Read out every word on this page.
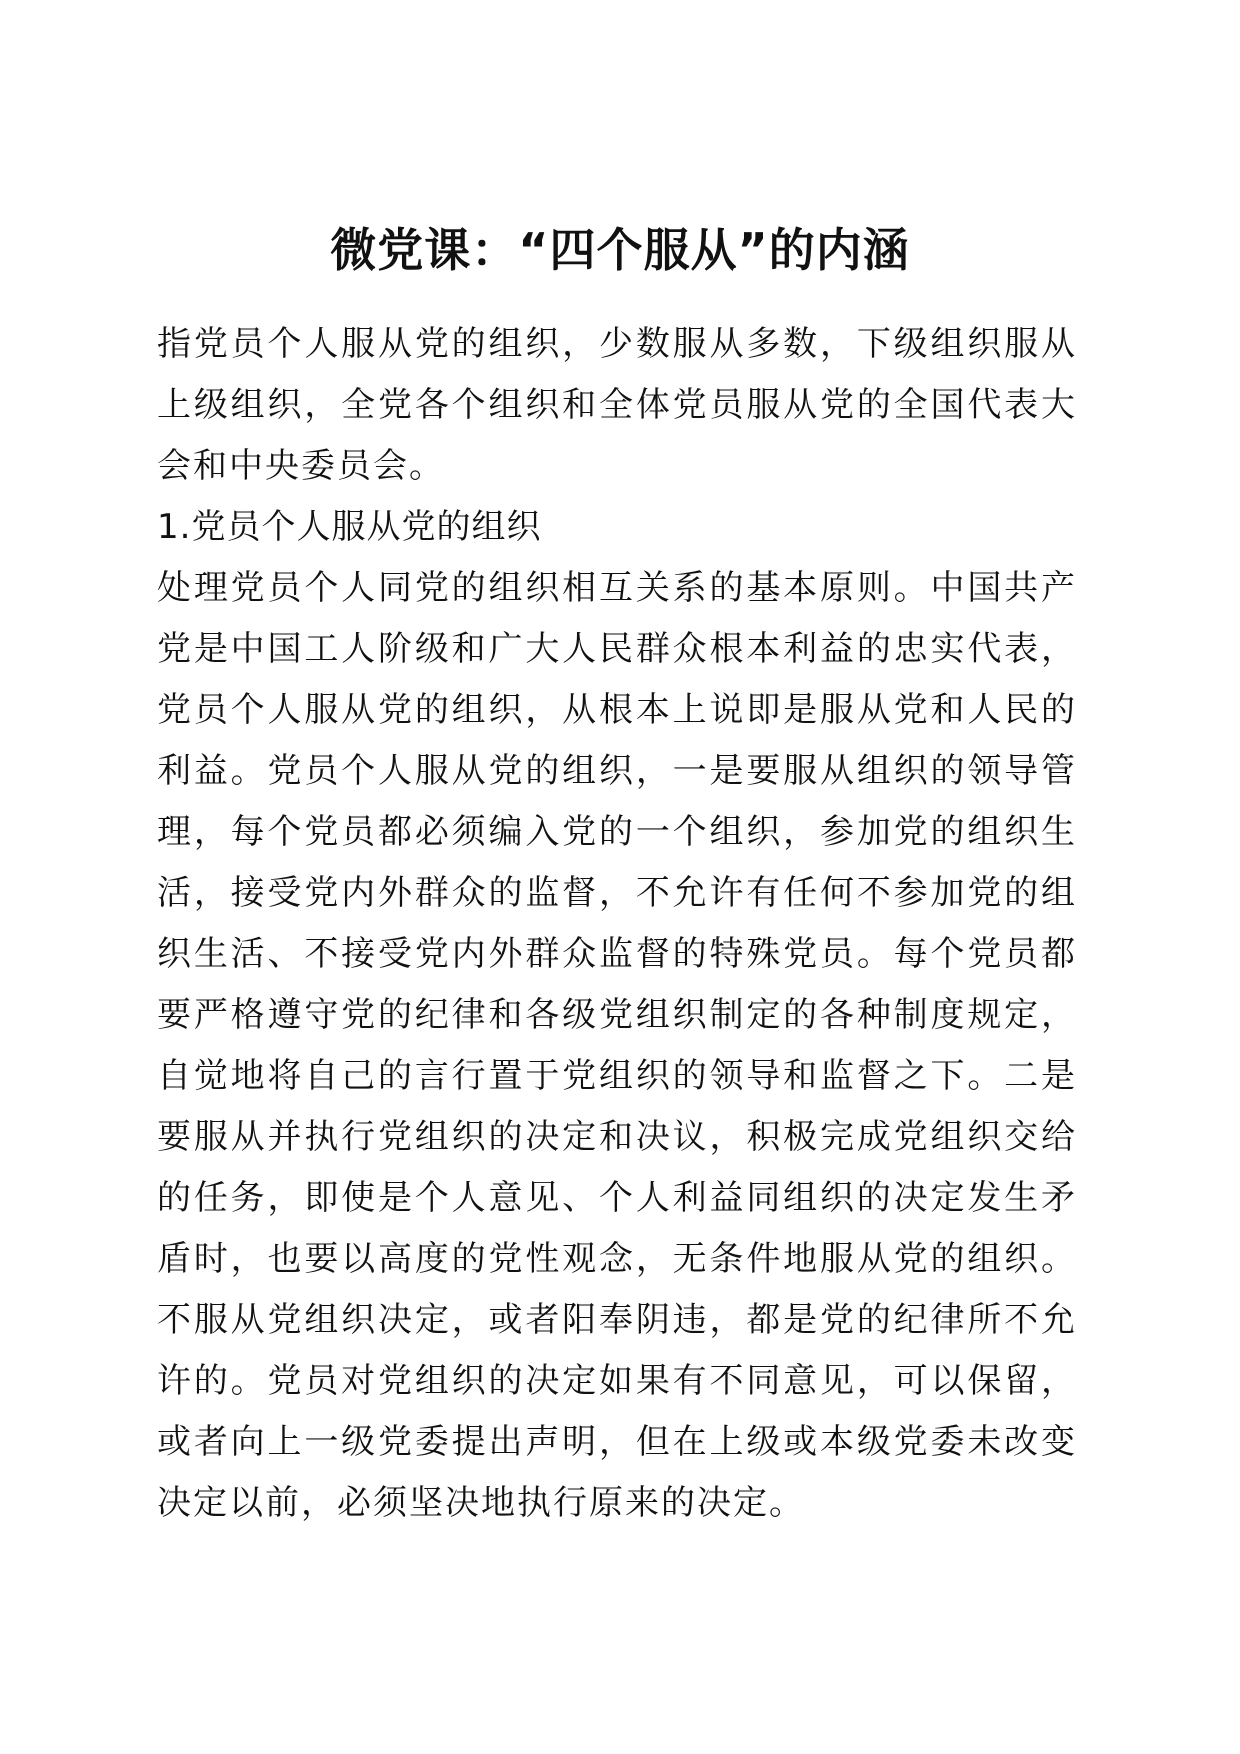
微党课：“四个服从”的内涵

指党员个人服从党的组织，少数服从多数，下级组织服从上级组织，全党各个组织和全体党员服从党的全国代表大会和中央委员会。

1.党员个人服从党的组织

处理党员个人同党的组织相互关系的基本原则。中国共产党是中国工人阶级和广大人民群众根本利益的忠实代表，党员个人服从党的组织，从根本上说即是服从党和人民的利益。党员个人服从党的组织，一是要服从组织的领导管理，每个党员都必须编入党的一个组织，参加党的组织生活，接受党内外群众的监督，不允许有任何不参加党的组织生活、不接受党内外群众监督的特殊党员。每个党员都要严格遵守党的纪律和各级党组织制定的各种制度规定，自觉地将自己的言行置于党组织的领导和监督之下。二是要服从并执行党组织的决定和决议，积极完成党组织交给的任务，即使是个人意见、个人利益同组织的决定发生矛盾时，也要以高度的党性观念，无条件地服从党的组织。不服从党组织决定，或者阳奉阴违，都是党的纪律所不允许的。党员对党组织的决定如果有不同意见，可以保留，或者向上一级党委提出声明，但在上级或本级党委未改变决定以前，必须坚决地执行原来的决定。
